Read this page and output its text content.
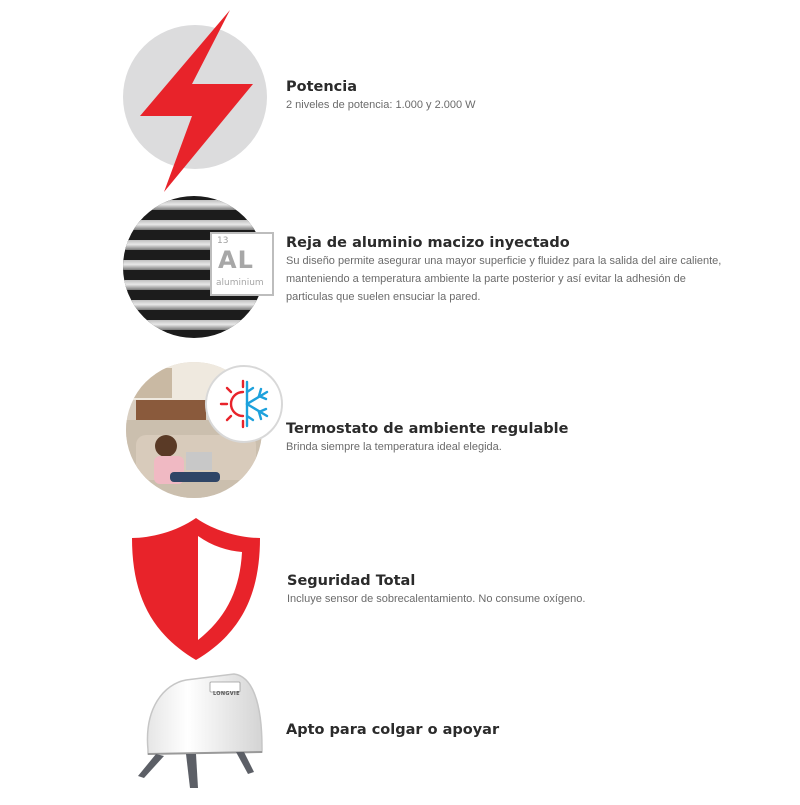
Potencia
2 niveles de potencia: 1.000 y 2.000 W
13
AL
aluminium
Reja de aluminio macizo inyectado
Su diseño permite asegurar una mayor superficie y fluidez para la salida del aire caliente,
manteniendo a temperatura ambiente la parte posterior y así evitar la adhesión de
particulas que suelen ensuciar la pared.
Termostato de ambiente regulable
Brinda siempre la temperatura ideal elegida.
Seguridad Total
Incluye sensor de sobrecalentamiento. No consume oxígeno.
LONGVIE
Apto para colgar o apoyar
